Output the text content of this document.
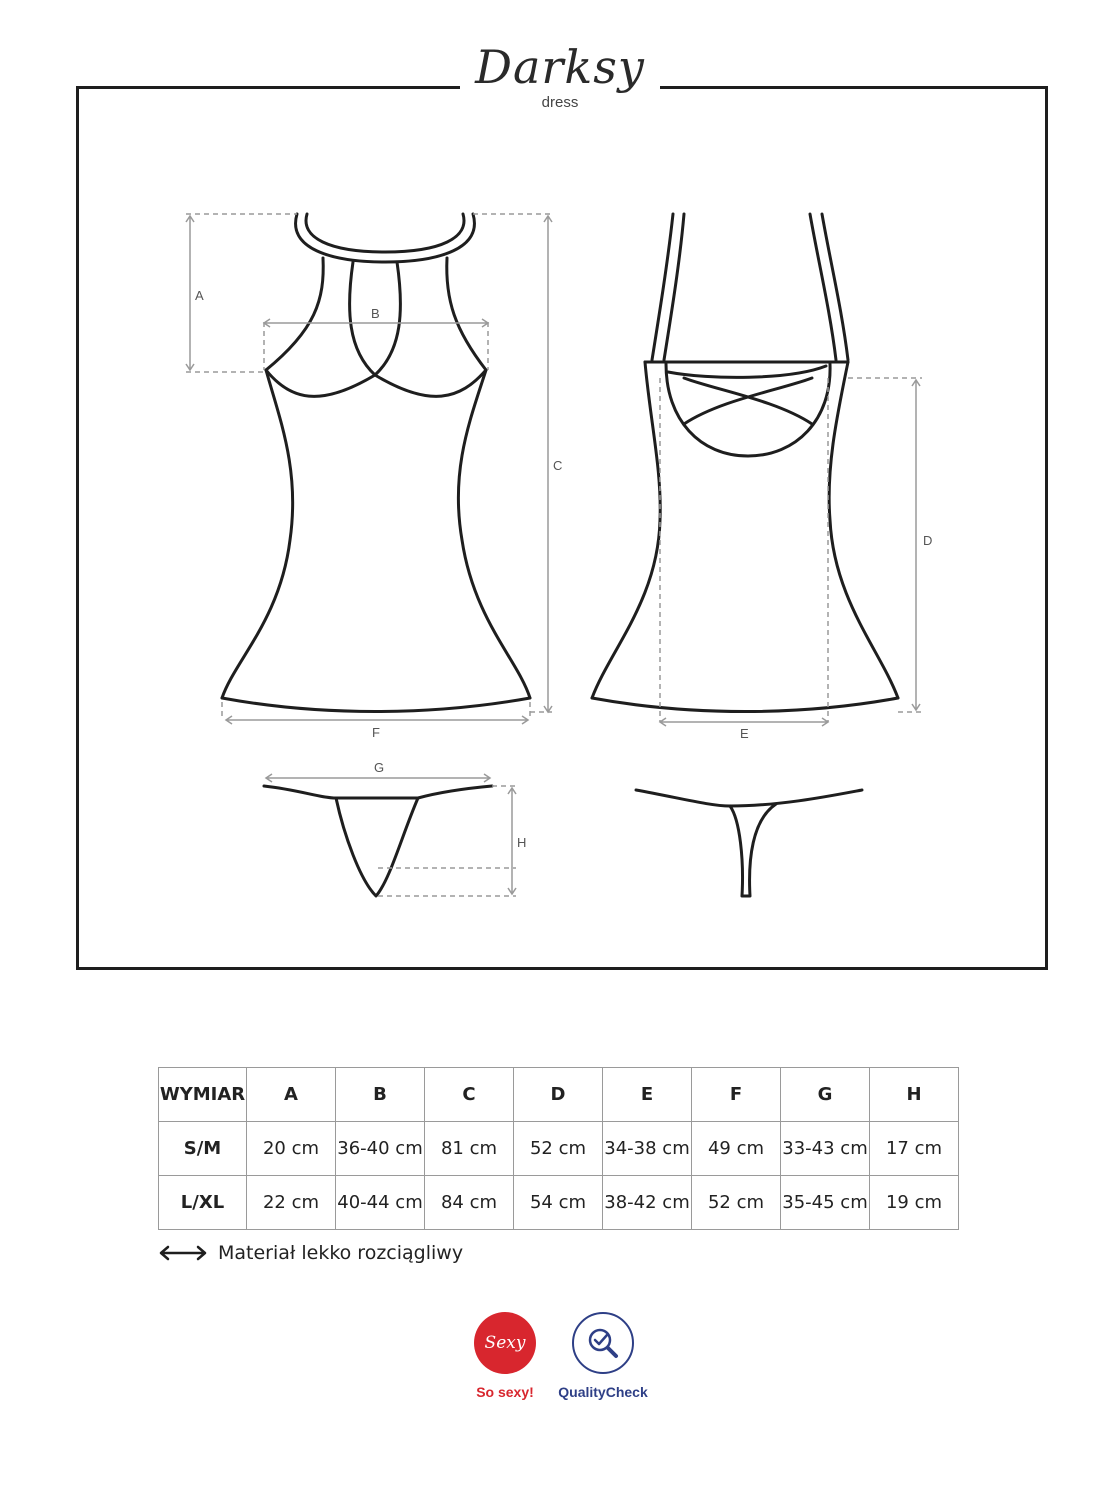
Darksy
dress
A
B
C
D
E
F
G
H
WYMIAR	A	B	C	D	E	F	G	H
S/M	20 cm	36-40 cm	81 cm	52 cm	34-38 cm	49 cm	33-43 cm	17 cm
L/XL	22 cm	40-44 cm	84 cm	54 cm	38-42 cm	52 cm	35-45 cm	19 cm
Materiał lekko rozciągliwy
Sexy
So sexy!	QualityCheck
